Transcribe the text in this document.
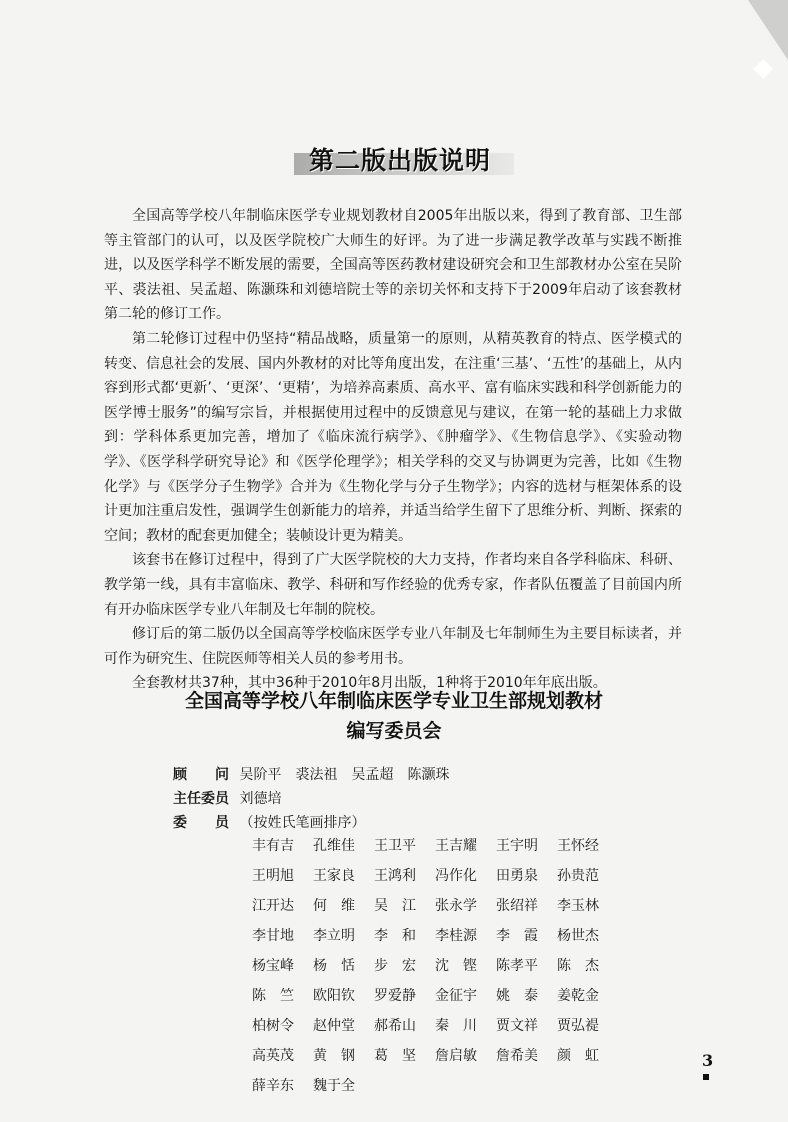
第二版出版说明

全国高等学校八年制临床医学专业规划教材自2005年出版以来，得到了教育部、卫生部等主管部门的认可，以及医学院校广大师生的好评。为了进一步满足教学改革与实践不断推进，以及医学科学不断发展的需要，全国高等医药教材建设研究会和卫生部教材办公室在吴阶平、裘法祖、吴孟超、陈灏珠和刘德培院士等的亲切关怀和支持下于2009年启动了该套教材第二轮的修订工作。

第二轮修订过程中仍坚持“精品战略，质量第一的原则，从精英教育的特点、医学模式的转变、信息社会的发展、国内外教材的对比等角度出发，在注重‘三基’、‘五性’的基础上，从内容到形式都‘更新’、‘更深’、‘更精’，为培养高素质、高水平、富有临床实践和科学创新能力的医学博士服务”的编写宗旨，并根据使用过程中的反馈意见与建议，在第一轮的基础上力求做到：学科体系更加完善，增加了《临床流行病学》、《肿瘤学》、《生物信息学》、《实验动物学》、《医学科学研究导论》和《医学伦理学》；相关学科的交叉与协调更为完善，比如《生物化学》与《医学分子生物学》合并为《生物化学与分子生物学》；内容的选材与框架体系的设计更加注重启发性，强调学生创新能力的培养，并适当给学生留下了思维分析、判断、探索的空间；教材的配套更加健全；装帧设计更为精美。

该套书在修订过程中，得到了广大医学院校的大力支持，作者均来自各学科临床、科研、教学第一线，具有丰富临床、教学、科研和写作经验的优秀专家，作者队伍覆盖了目前国内所有开办临床医学专业八年制及七年制的院校。

修订后的第二版仍以全国高等学校临床医学专业八年制及七年制师生为主要目标读者，并可作为研究生、住院医师等相关人员的参考用书。

全套教材共37种，其中36种于2010年8月出版，1种将于2010年年底出版。

全国高等学校八年制临床医学专业卫生部规划教材
编写委员会
顾　　问 吴阶平　裘法祖　吴孟超　陈灏珠
主任委员 刘德培
委　　员 （按姓氏笔画排序）
丰有吉 孔维佳 王卫平 王吉耀 王宇明 王怀经王明旭 王家良 王鸿利 冯作化 田勇泉 孙贵范江开达 何　维 吴　江 张永学 张绍祥 李玉林李甘地 李立明 李　和 李桂源 李　霞 杨世杰杨宝峰 杨　恬 步　宏 沈　铿 陈孝平 陈　杰陈　竺 欧阳钦 罗爱静 金征宇 姚　泰 姜乾金柏树令 赵仲堂 郝希山 秦　川 贾文祥 贾弘褆高英茂 黄　钢 葛　坚 詹启敏 詹希美 颜　虹薛辛东 魏于全
3
